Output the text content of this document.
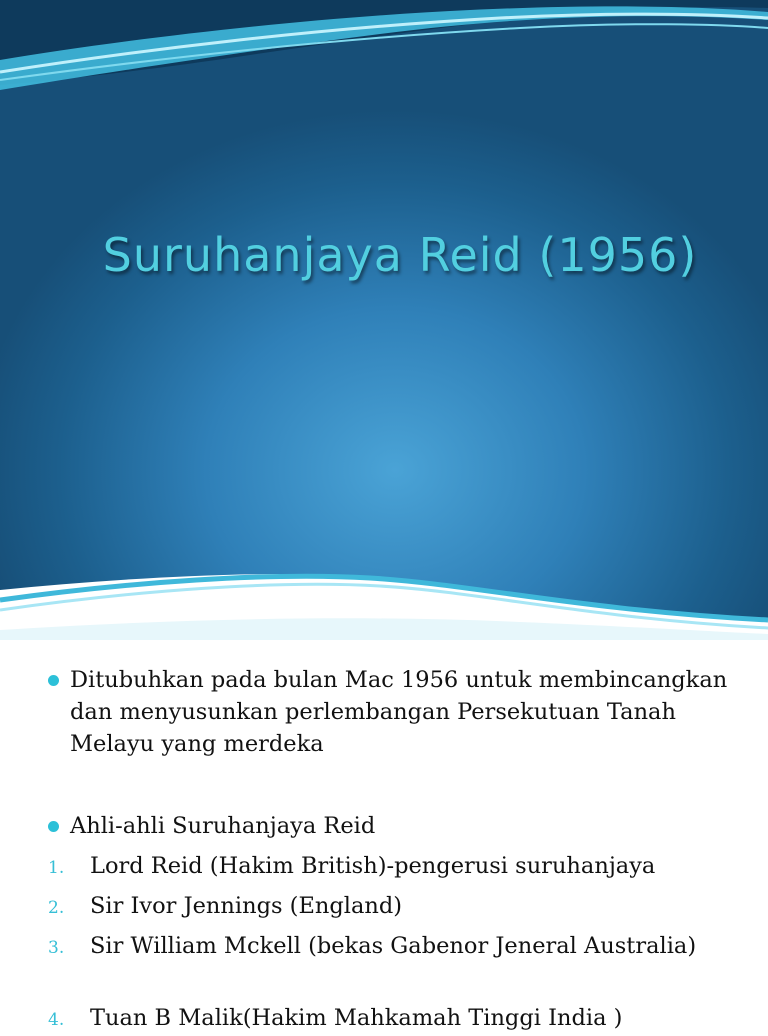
Suruhanjaya Reid (1956)
Ditubuhkan pada bulan Mac 1956 untuk membincangkan dan menyusunkan perlembangan Persekutuan Tanah Melayu yang merdeka
Ahli-ahli Suruhanjaya Reid
1. Lord Reid (Hakim British)-pengerusi suruhanjaya
2. Sir Ivor Jennings (England)
3. Sir William Mckell (bekas Gabenor Jeneral Australia)
4. Tuan B Malik(Hakim Mahkamah Tinggi India )
